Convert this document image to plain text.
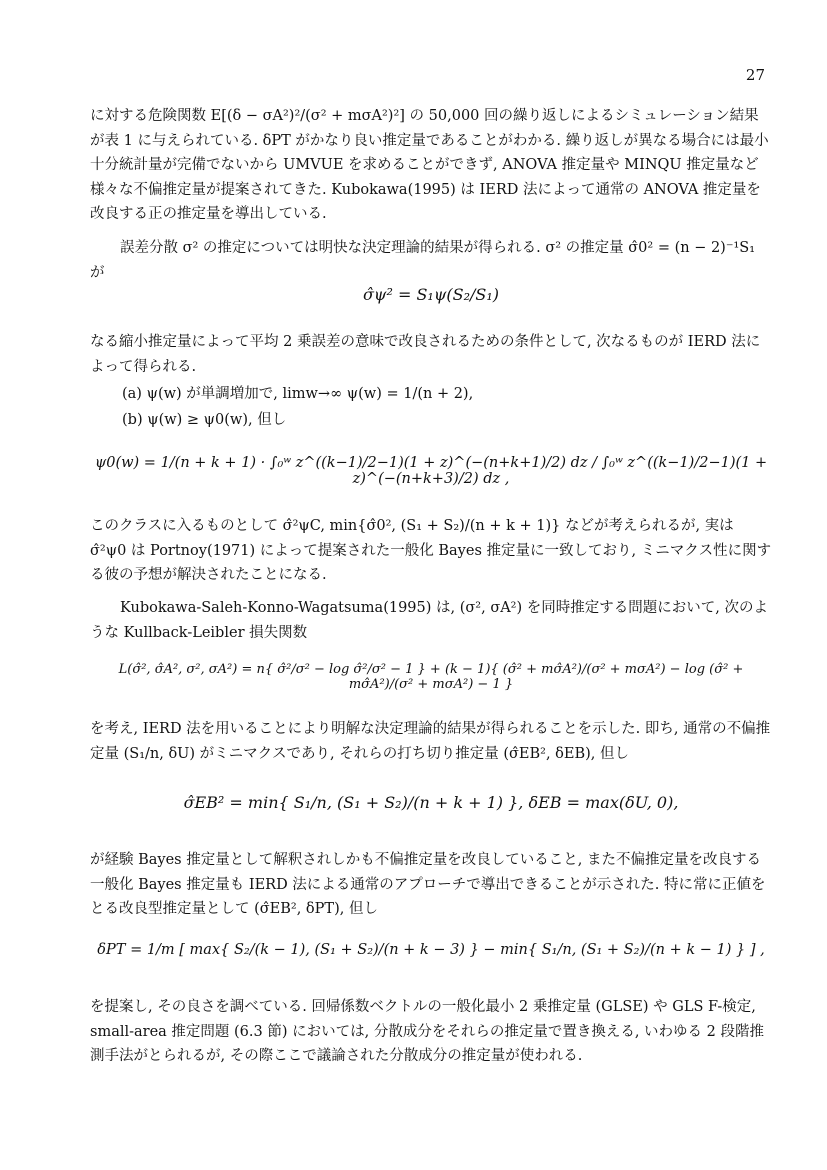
27

に対する危険関数 E[(δ − σA²)²/(σ² + mσA²)²] の 50,000 回の繰り返しによるシミュレーション結果が表 1 に与えられている. δPT がかなり良い推定量であることがわかる. 繰り返しが異なる場合には最小十分統計量が完備でないから UMVUE を求めることができず, ANOVA 推定量や MINQU 推定量など様々な不偏推定量が提案されてきた. Kubokawa(1995) は IERD 法によって通常の ANOVA 推定量を改良する正の推定量を導出している.

誤差分散 σ² の推定については明快な決定理論的結果が得られる. σ² の推定量 σ̂0² = (n − 2)⁻¹S₁ が

σ̂ψ² = S₁ψ(S₂/S₁)

なる縮小推定量によって平均 2 乗誤差の意味で改良されるための条件として, 次なるものが IERD 法によって得られる.

(a) ψ(w) が単調増加で, limw→∞ ψ(w) = 1/(n + 2),
(b) ψ(w) ≥ ψ0(w), 但し
ψ0(w) = 1/(n + k + 1) · ∫₀ʷ z^((k−1)/2−1)(1 + z)^(−(n+k+1)/2) dz / ∫₀ʷ z^((k−1)/2−1)(1 + z)^(−(n+k+3)/2) dz ,

このクラスに入るものとして σ̂²ψC, min{σ̂0², (S₁ + S₂)/(n + k + 1)} などが考えられるが, 実は σ̂²ψ0 は Portnoy(1971) によって提案された一般化 Bayes 推定量に一致しており, ミニマクス性に関する彼の予想が解決されたことになる.

Kubokawa-Saleh-Konno-Wagatsuma(1995) は, (σ², σA²) を同時推定する問題において, 次のような Kullback-Leibler 損失関数

L(σ̂², σ̂A², σ², σA²) = n{ σ̂²/σ² − log σ̂²/σ² − 1 } + (k − 1){ (σ̂² + mσ̂A²)/(σ² + mσA²) − log (σ̂² + mσ̂A²)/(σ² + mσA²) − 1 }

を考え, IERD 法を用いることにより明解な決定理論的結果が得られることを示した. 即ち, 通常の不偏推定量 (S₁/n, δU) がミニマクスであり, それらの打ち切り推定量 (σ̂EB², δEB), 但し

σ̂EB² = min{ S₁/n, (S₁ + S₂)/(n + k + 1) }, δEB = max(δU, 0),

が経験 Bayes 推定量として解釈されしかも不偏推定量を改良していること, また不偏推定量を改良する一般化 Bayes 推定量も IERD 法による通常のアプローチで導出できることが示された. 特に常に正値をとる改良型推定量として (σ̂EB², δPT), 但し

δPT = 1/m [ max{ S₂/(k − 1), (S₁ + S₂)/(n + k − 3) } − min{ S₁/n, (S₁ + S₂)/(n + k − 1) } ] ,

を提案し, その良さを調べている. 回帰係数ベクトルの一般化最小 2 乗推定量 (GLSE) や GLS F-検定, small-area 推定問題 (6.3 節) においては, 分散成分をそれらの推定量で置き換える, いわゆる 2 段階推測手法がとられるが, その際ここで議論された分散成分の推定量が使われる.
